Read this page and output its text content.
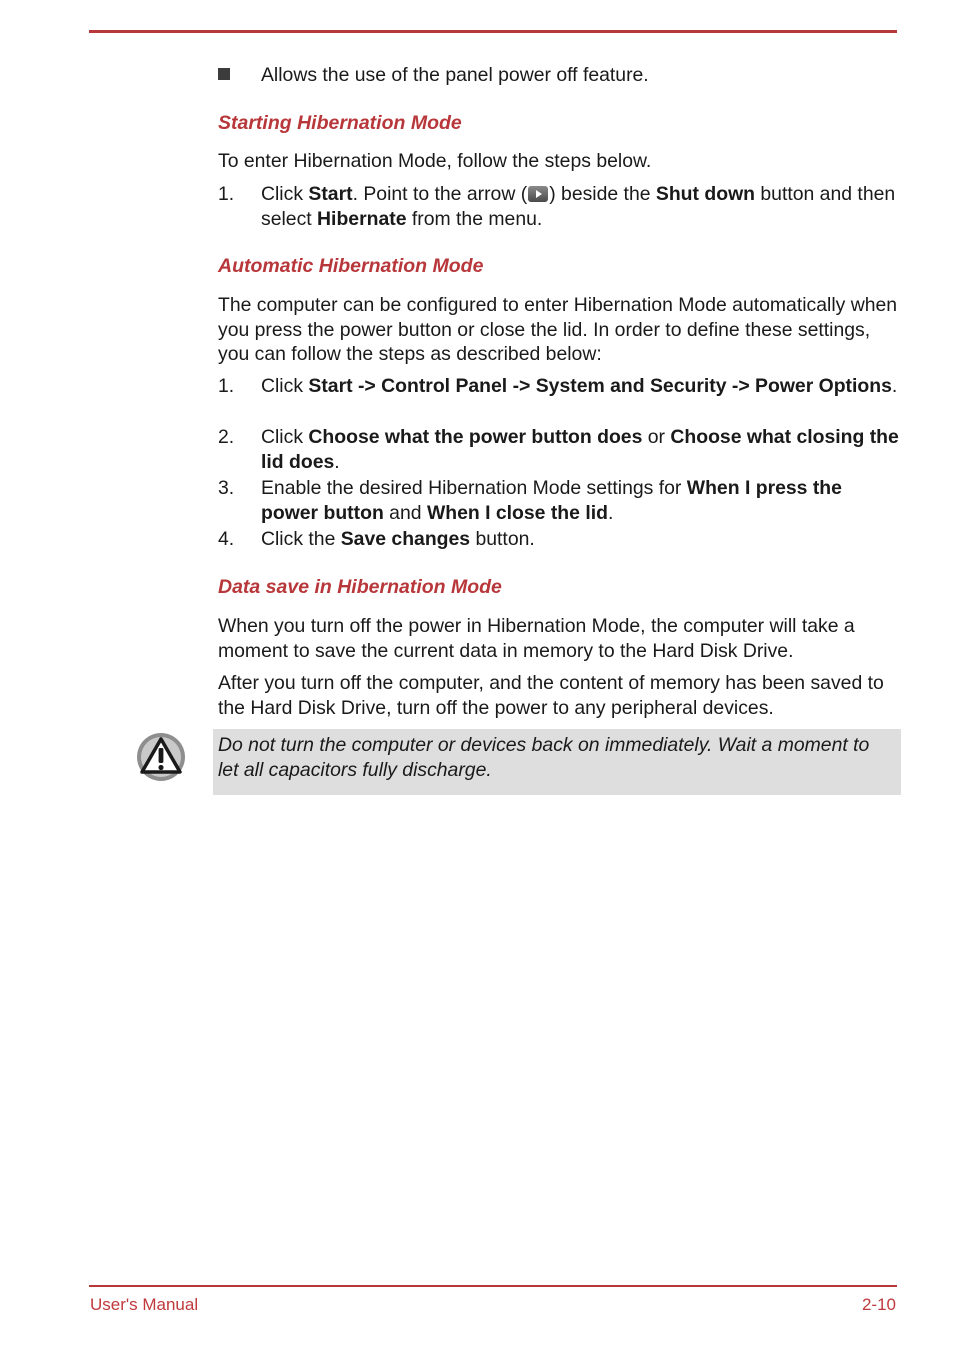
Allows the use of the panel power off feature.
Starting Hibernation Mode
To enter Hibernation Mode, follow the steps below.
1. Click Start. Point to the arrow ( ) beside the Shut down button and then select Hibernate from the menu.
Automatic Hibernation Mode
The computer can be configured to enter Hibernation Mode automatically when you press the power button or close the lid. In order to define these settings, you can follow the steps as described below:
1. Click Start -> Control Panel -> System and Security -> Power Options.
2. Click Choose what the power button does or Choose what closing the lid does.
3. Enable the desired Hibernation Mode settings for When I press the power button and When I close the lid.
4. Click the Save changes button.
Data save in Hibernation Mode
When you turn off the power in Hibernation Mode, the computer will take a moment to save the current data in memory to the Hard Disk Drive.
After you turn off the computer, and the content of memory has been saved to the Hard Disk Drive, turn off the power to any peripheral devices.
Do not turn the computer or devices back on immediately. Wait a moment to let all capacitors fully discharge.
User's Manual	2-10
